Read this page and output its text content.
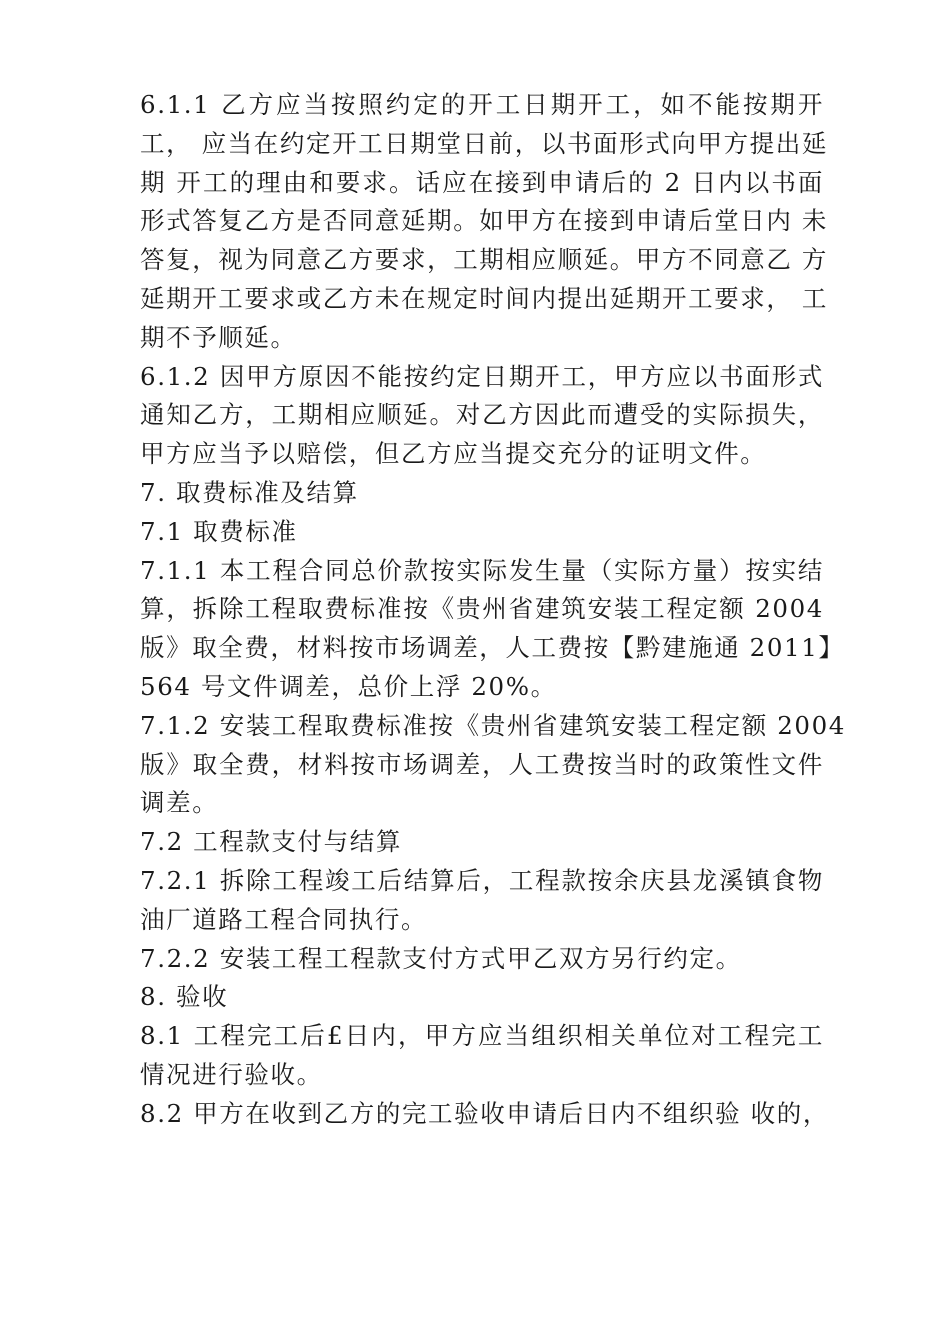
6.1.1 乙方应当按照约定的开工日期开工，如不能按期开
工， 应当在约定开工日期堂日前，以书面形式向甲方提出延
期 开工的理由和要求。话应在接到申请后的 2 日内以书面
形式答复乙方是否同意延期。如甲方在接到申请后堂日内 未
答复，视为同意乙方要求，工期相应顺延。甲方不同意乙 方
延期开工要求或乙方未在规定时间内提出延期开工要求， 工
期不予顺延。
6.1.2 因甲方原因不能按约定日期开工，甲方应以书面形式
通知乙方，工期相应顺延。对乙方因此而遭受的实际损失，
甲方应当予以赔偿，但乙方应当提交充分的证明文件。
7. 取费标准及结算
7.1 取费标准
7.1.1 本工程合同总价款按实际发生量（实际方量）按实结
算，拆除工程取费标准按《贵州省建筑安装工程定额 2004
版》取全费，材料按市场调差，人工费按【黔建施通 2011】
564 号文件调差，总价上浮 20%。
7.1.2 安装工程取费标准按《贵州省建筑安装工程定额 2004
版》取全费，材料按市场调差，人工费按当时的政策性文件
调差。
7.2 工程款支付与结算
7.2.1 拆除工程竣工后结算后，工程款按余庆县龙溪镇食物
油厂道路工程合同执行。
7.2.2 安装工程工程款支付方式甲乙双方另行约定。
8. 验收
8.1 工程完工后£日内，甲方应当组织相关单位对工程完工
情况进行验收。
8.2 甲方在收到乙方的完工验收申请后日内不组织验 收的，
